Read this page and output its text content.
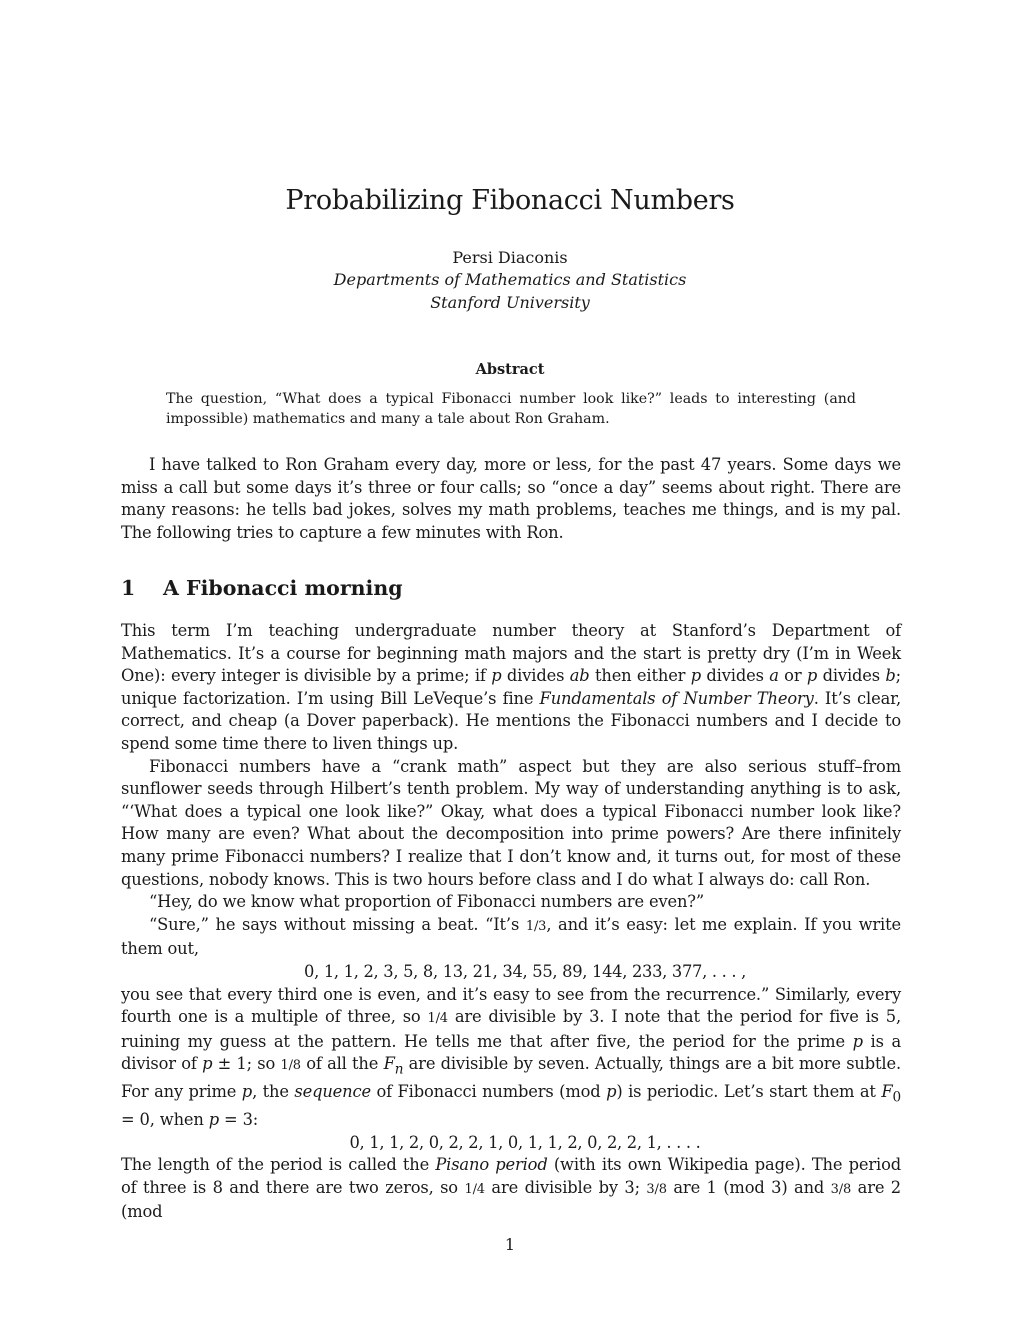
Probabilizing Fibonacci Numbers
Persi Diaconis
Departments of Mathematics and Statistics
Stanford University
Abstract
The question, “What does a typical Fibonacci number look like?” leads to interesting (and impossible) mathematics and many a tale about Ron Graham.

I have talked to Ron Graham every day, more or less, for the past 47 years. Some days we miss a call but some days it’s three or four calls; so “once a day” seems about right. There are many reasons: he tells bad jokes, solves my math problems, teaches me things, and is my pal. The following tries to capture a few minutes with Ron.

1 A Fibonacci morning

This term I’m teaching undergraduate number theory at Stanford’s Department of Mathematics. It’s a course for beginning math majors and the start is pretty dry (I’m in Week One): every integer is divisible by a prime; if p divides ab then either p divides a or p divides b; unique factorization. I’m using Bill LeVeque’s fine Fundamentals of Number Theory. It’s clear, correct, and cheap (a Dover paperback). He mentions the Fibonacci numbers and I decide to spend some time there to liven things up.

Fibonacci numbers have a “crank math” aspect but they are also serious stuff–from sunflower seeds through Hilbert’s tenth problem. My way of understanding anything is to ask, “‘What does a typical one look like?” Okay, what does a typical Fibonacci number look like? How many are even? What about the decomposition into prime powers? Are there infinitely many prime Fibonacci numbers? I realize that I don’t know and, it turns out, for most of these questions, nobody knows. This is two hours before class and I do what I always do: call Ron.

“Hey, do we know what proportion of Fibonacci numbers are even?”

“Sure,” he says without missing a beat. “It’s 1/3, and it’s easy: let me explain. If you write them out,

0, 1, 1, 2, 3, 5, 8, 13, 21, 34, 55, 89, 144, 233, 377, . . . ,

you see that every third one is even, and it’s easy to see from the recurrence.” Similarly, every fourth one is a multiple of three, so 1/4 are divisible by 3. I note that the period for five is 5, ruining my guess at the pattern. He tells me that after five, the period for the prime p is a divisor of p ± 1; so 1/8 of all the $F_n$ are divisible by seven. Actually, things are a bit more subtle. For any prime p, the sequence of Fibonacci numbers (mod p) is periodic. Let’s start them at $F_0 = 0$, when p = 3:

0, 1, 1, 2, 0, 2, 2, 1, 0, 1, 1, 2, 0, 2, 2, 1, . . . .

The length of the period is called the Pisano period (with its own Wikipedia page). The period of three is 8 and there are two zeros, so 1/4 are divisible by 3; 3/8 are 1 (mod 3) and 3/8 are 2 (mod

1
